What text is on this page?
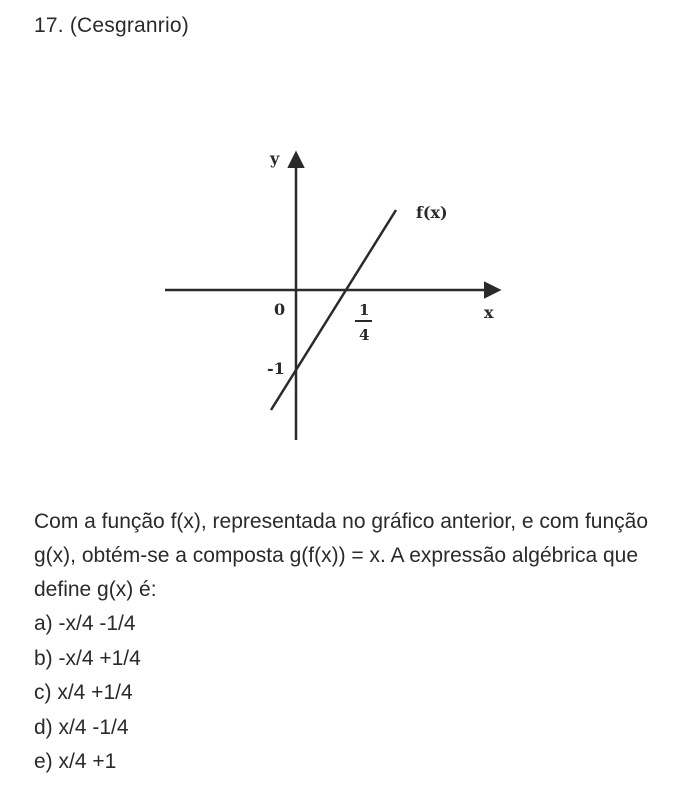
17. (Cesgranrio)
y
x
0	1
4
-1
f(x)
Com a função f(x), representada no gráfico anterior, e com função g(x), obtém-se a composta g(f(x)) = x. A expressão algébrica que define g(x) é:
a) -x/4 -1/4
b) -x/4 +1/4
c) x/4 +1/4
d) x/4 -1/4
e) x/4 +1
